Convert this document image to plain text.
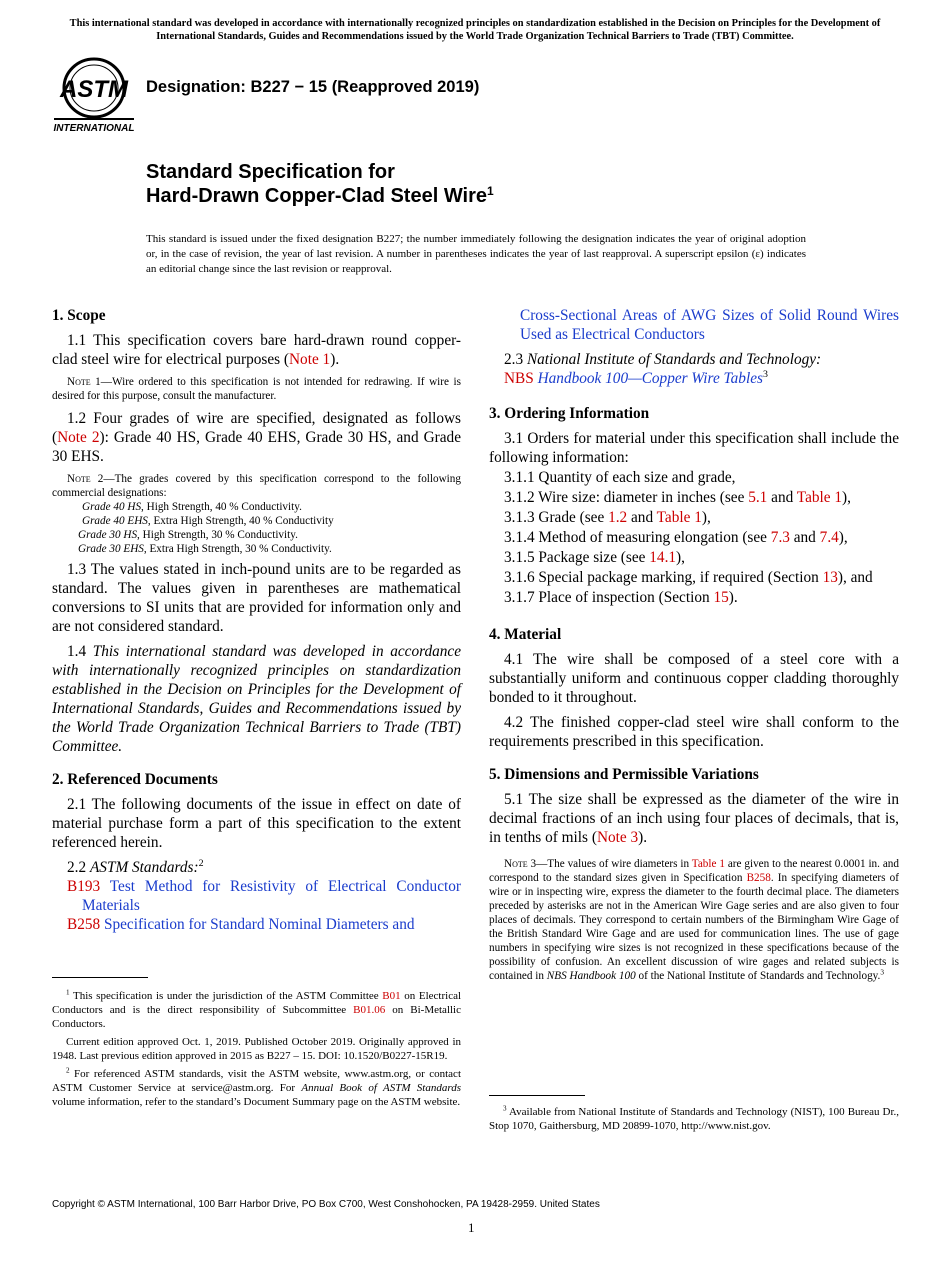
This international standard was developed in accordance with internationally recognized principles on standardization established in the Decision on Principles for the Development of International Standards, Guides and Recommendations issued by the World Trade Organization Technical Barriers to Trade (TBT) Committee.
ASTM
INTERNATIONAL
Designation: B227 − 15 (Reapproved 2019)
Standard Specification for
Hard-Drawn Copper-Clad Steel Wire$^1$
This standard is issued under the fixed designation B227; the number immediately following the designation indicates the year of original adoption or, in the case of revision, the year of last revision. A number in parentheses indicates the year of last reapproval. A superscript epsilon (ε) indicates an editorial change since the last revision or reapproval.
1. Scope

1.1 This specification covers bare hard-drawn round copper-clad steel wire for electrical purposes (Note 1).

Note 1—Wire ordered to this specification is not intended for redrawing. If wire is desired for this purpose, consult the manufacturer.

1.2 Four grades of wire are specified, designated as follows (Note 2): Grade 40 HS, Grade 40 EHS, Grade 30 HS, and Grade 30 EHS.

Note 2—The grades covered by this specification correspond to the following commercial designations:
Grade 40 HS, High Strength, 40 % Conductivity.
Grade 40 EHS, Extra High Strength, 40 % Conductivity
Grade 30 HS, High Strength, 30 % Conductivity.
Grade 30 EHS, Extra High Strength, 30 % Conductivity.

1.3 The values stated in inch-pound units are to be regarded as standard. The values given in parentheses are mathematical conversions to SI units that are provided for information only and are not considered standard.

1.4 This international standard was developed in accordance with internationally recognized principles on standardization established in the Decision on Principles for the Development of International Standards, Guides and Recommendations issued by the World Trade Organization Technical Barriers to Trade (TBT) Committee.

2. Referenced Documents

2.1 The following documents of the issue in effect on date of material purchase form a part of this specification to the extent referenced herein.

2.2 ASTM Standards:$^2$
B193 Test Method for Resistivity of Electrical Conductor Materials
B258 Specification for Standard Nominal Diameters and

$^1$ This specification is under the jurisdiction of the ASTM Committee B01 on Electrical Conductors and is the direct responsibility of Subcommittee B01.06 on Bi-Metallic Conductors.

Current edition approved Oct. 1, 2019. Published October 2019. Originally approved in 1948. Last previous edition approved in 2015 as B227 – 15. DOI: 10.1520/B0227-15R19.

$^2$ For referenced ASTM standards, visit the ASTM website, www.astm.org, or contact ASTM Customer Service at service@astm.org. For Annual Book of ASTM Standards volume information, refer to the standard’s Document Summary page on the ASTM website.

Cross-Sectional Areas of AWG Sizes of Solid Round Wires Used as Electrical Conductors
2.3 National Institute of Standards and Technology:
NBS Handbook 100—Copper Wire Tables$^3$
3. Ordering Information

3.1 Orders for material under this specification shall include the following information:

3.1.1 Quantity of each size and grade,
3.1.2 Wire size: diameter in inches (see 5.1 and Table 1),
3.1.3 Grade (see 1.2 and Table 1),
3.1.4 Method of measuring elongation (see 7.3 and 7.4),
3.1.5 Package size (see 14.1),
3.1.6 Special package marking, if required (Section 13), and
3.1.7 Place of inspection (Section 15).
4. Material

4.1 The wire shall be composed of a steel core with a substantially uniform and continuous copper cladding thoroughly bonded to it throughout.

4.2 The finished copper-clad steel wire shall conform to the requirements prescribed in this specification.

5. Dimensions and Permissible Variations

5.1 The size shall be expressed as the diameter of the wire in decimal fractions of an inch using four places of decimals, that is, in tenths of mils (Note 3).

Note 3—The values of wire diameters in Table 1 are given to the nearest 0.0001 in. and correspond to the standard sizes given in Specification B258. In specifying diameters of wire or in inspecting wire, express the diameter to the fourth decimal place. The diameters preceded by asterisks are not in the American Wire Gage series and are also given to four places of decimals. They correspond to certain numbers of the Birmingham Wire Gage of the British Standard Wire Gage and are used for communication lines. The use of gage numbers in specifying wire sizes is not recognized in these specifications because of the possibility of confusion. An excellent discussion of wire gages and related subjects is contained in NBS Handbook 100 of the National Institute of Standards and Technology.$^3$

$^3$ Available from National Institute of Standards and Technology (NIST), 100 Bureau Dr., Stop 1070, Gaithersburg, MD 20899-1070, http://www.nist.gov.

Copyright © ASTM International, 100 Barr Harbor Drive, PO Box C700, West Conshohocken, PA 19428-2959. United States
1
